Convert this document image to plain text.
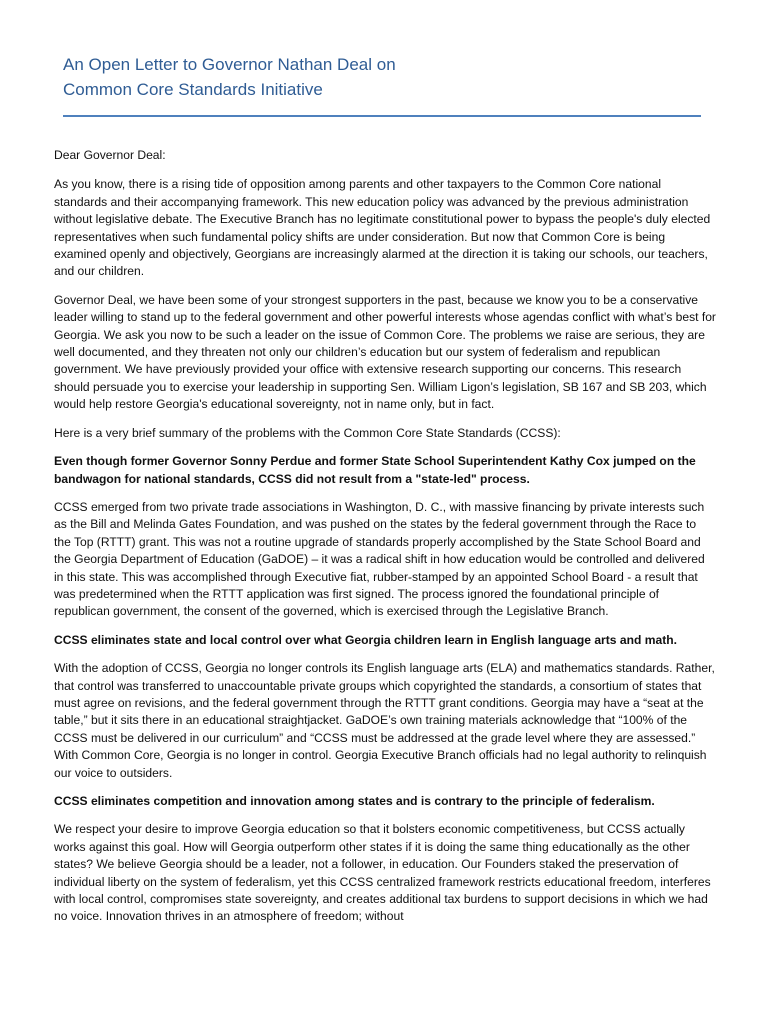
An Open Letter to Governor Nathan Deal on
Common Core Standards Initiative

Dear Governor Deal:

As you know, there is a rising tide of opposition among parents and other taxpayers to the Common Core national standards and their accompanying framework. This new education policy was advanced by the previous administration without legislative debate. The Executive Branch has no legitimate constitutional power to bypass the people's duly elected representatives when such fundamental policy shifts are under consideration. But now that Common Core is being examined openly and objectively, Georgians are increasingly alarmed at the direction it is taking our schools, our teachers, and our children.

Governor Deal, we have been some of your strongest supporters in the past, because we know you to be a conservative leader willing to stand up to the federal government and other powerful interests whose agendas conflict with what’s best for Georgia. We ask you now to be such a leader on the issue of Common Core. The problems we raise are serious, they are well documented, and they threaten not only our children’s education but our system of federalism and republican government. We have previously provided your office with extensive research supporting our concerns. This research should persuade you to exercise your leadership in supporting Sen. William Ligon’s legislation, SB 167 and SB 203, which would help restore Georgia's educational sovereignty, not in name only, but in fact.

Here is a very brief summary of the problems with the Common Core State Standards (CCSS):

Even though former Governor Sonny Perdue and former State School Superintendent Kathy Cox jumped on the bandwagon for national standards, CCSS did not result from a "state-led" process.

CCSS emerged from two private trade associations in Washington, D. C., with massive financing by private interests such as the Bill and Melinda Gates Foundation, and was pushed on the states by the federal government through the Race to the Top (RTTT) grant. This was not a routine upgrade of standards properly accomplished by the State School Board and the Georgia Department of Education (GaDOE) – it was a radical shift in how education would be controlled and delivered in this state. This was accomplished through Executive fiat, rubber-stamped by an appointed School Board - a result that was predetermined when the RTTT application was first signed. The process ignored the foundational principle of republican government, the consent of the governed, which is exercised through the Legislative Branch.

CCSS eliminates state and local control over what Georgia children learn in English language arts and math.

With the adoption of CCSS, Georgia no longer controls its English language arts (ELA) and mathematics standards. Rather, that control was transferred to unaccountable private groups which copyrighted the standards, a consortium of states that must agree on revisions, and the federal government through the RTTT grant conditions. Georgia may have a “seat at the table,” but it sits there in an educational straightjacket. GaDOE’s own training materials acknowledge that “100% of the CCSS must be delivered in our curriculum” and “CCSS must be addressed at the grade level where they are assessed.” With Common Core, Georgia is no longer in control. Georgia Executive Branch officials had no legal authority to relinquish our voice to outsiders.

CCSS eliminates competition and innovation among states and is contrary to the principle of federalism.

We respect your desire to improve Georgia education so that it bolsters economic competitiveness, but CCSS actually works against this goal. How will Georgia outperform other states if it is doing the same thing educationally as the other states? We believe Georgia should be a leader, not a follower, in education. Our Founders staked the preservation of individual liberty on the system of federalism, yet this CCSS centralized framework restricts educational freedom, interferes with local control, compromises state sovereignty, and creates additional tax burdens to support decisions in which we had no voice. Innovation thrives in an atmosphere of freedom; without
